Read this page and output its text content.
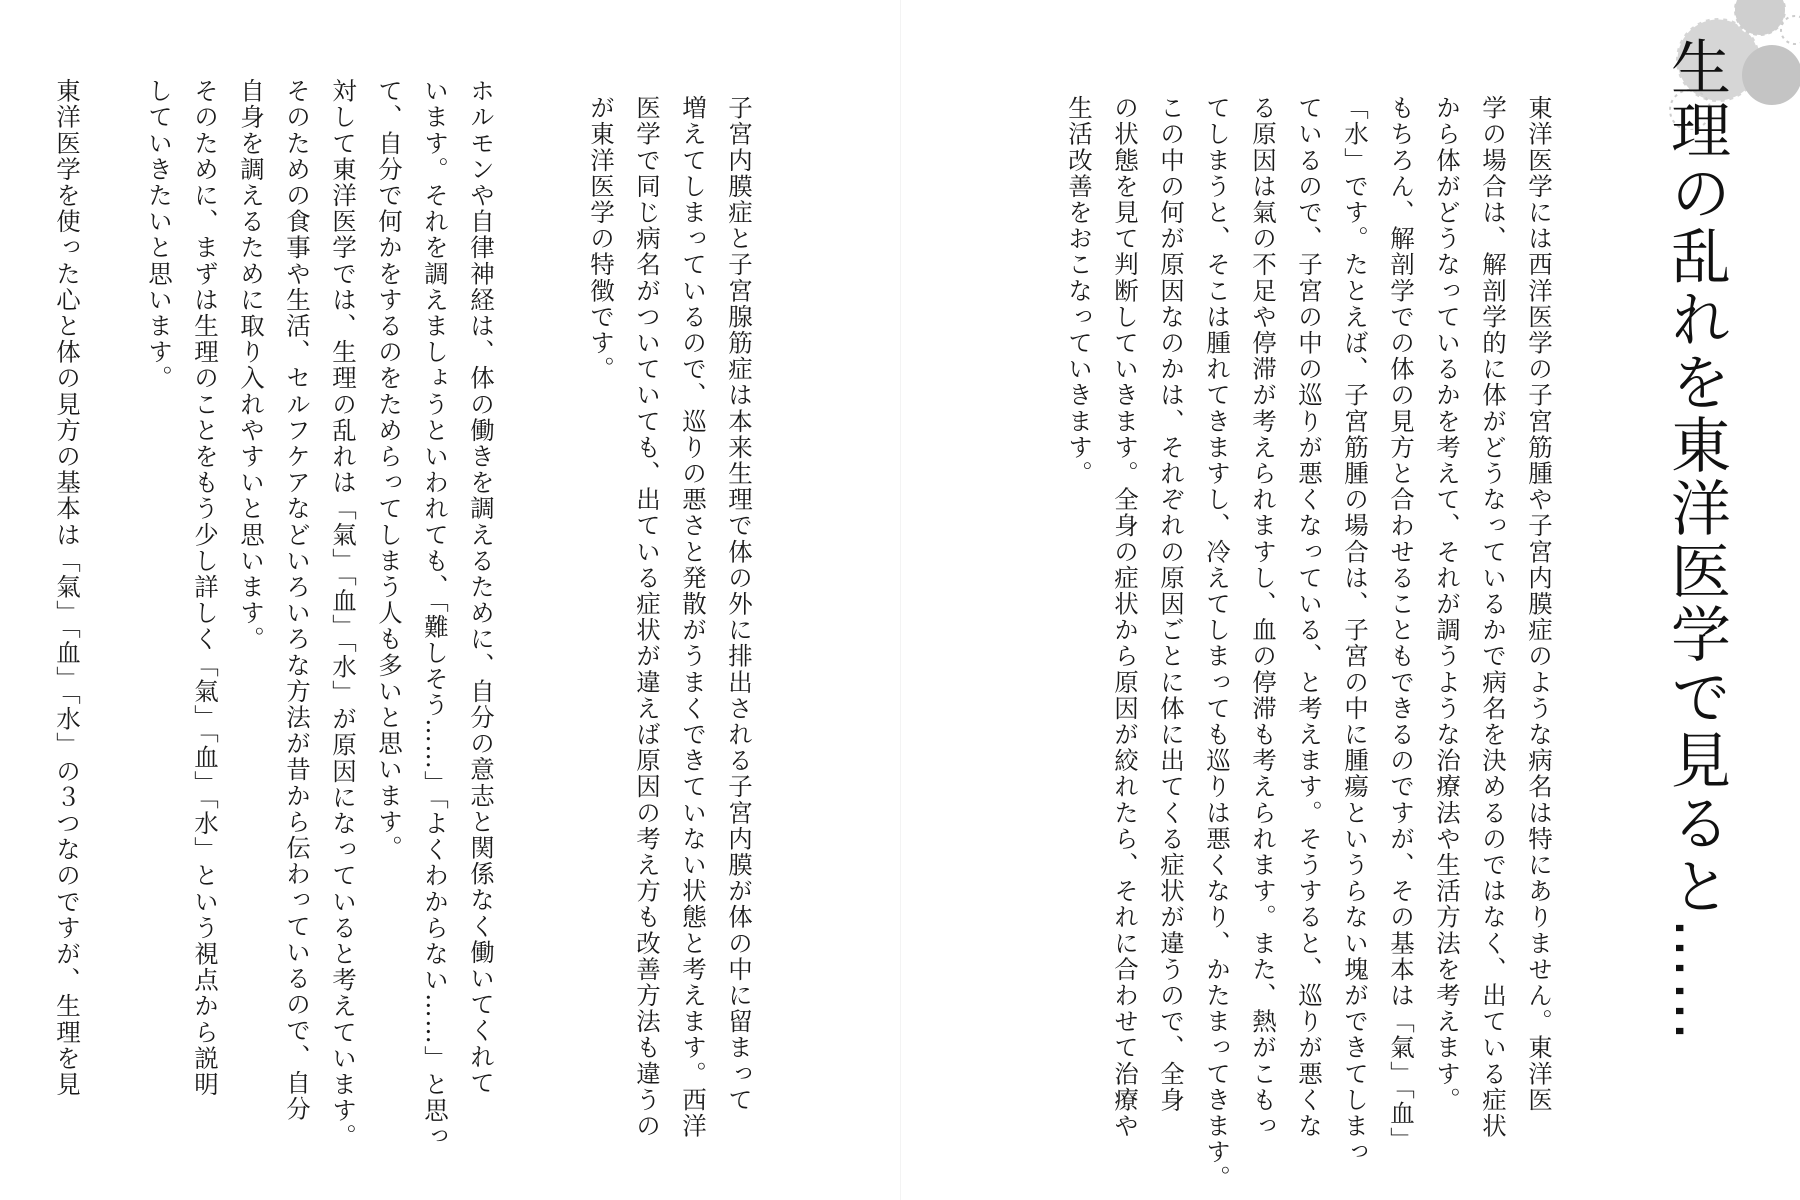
生理の乱れを東洋医学で見ると……

東洋医学には西洋医学の子宮筋腫や子宮内膜症のような病名は特にありません。東洋医

学の場合は、解剖学的に体がどうなっているかで病名を決めるのではなく、出ている症状

から体がどうなっているかを考えて、それが調うような治療法や生活方法を考えます。

もちろん、解剖学での体の見方と合わせることもできるのですが、その基本は「氣」「血」

「水」です。たとえば、子宮筋腫の場合は、子宮の中に腫瘍というらない塊ができてしまっ

ているので、子宮の中の巡りが悪くなっている、と考えます。そうすると、巡りが悪くな

る原因は氣の不足や停滞が考えられますし、血の停滞も考えられます。また、熱がこもっ

てしまうと、そこは腫れてきますし、冷えてしまっても巡りは悪くなり、かたまってきます。

この中の何が原因なのかは、それぞれの原因ごとに体に出てくる症状が違うので、全身

の状態を見て判断していきます。全身の症状から原因が絞れたら、それに合わせて治療や

生活改善をおこなっていきます。

子宮内膜症と子宮腺筋症は本来生理で体の外に排出される子宮内膜が体の中に留まって

増えてしまっているので、巡りの悪さと発散がうまくできていない状態と考えます。西洋

医学で同じ病名がついていても、出ている症状が違えば原因の考え方も改善方法も違うの

が東洋医学の特徴です。

ホルモンや自律神経は、体の働きを調えるために、自分の意志と関係なく働いてくれて

います。それを調えましょうといわれても、「難しそう……」「よくわからない……」と思っ

て、自分で何かをするのをためらってしまう人も多いと思います。

対して東洋医学では、生理の乱れは「氣」「血」「水」が原因になっていると考えています。

そのための食事や生活、セルフケアなどいろいろな方法が昔から伝わっているので、自分

自身を調えるために取り入れやすいと思います。

そのために、まずは生理のことをもう少し詳しく「氣」「血」「水」という視点から説明

していきたいと思います。

東洋医学を使った心と体の見方の基本は「氣」「血」「水」の３つなのですが、生理を見
